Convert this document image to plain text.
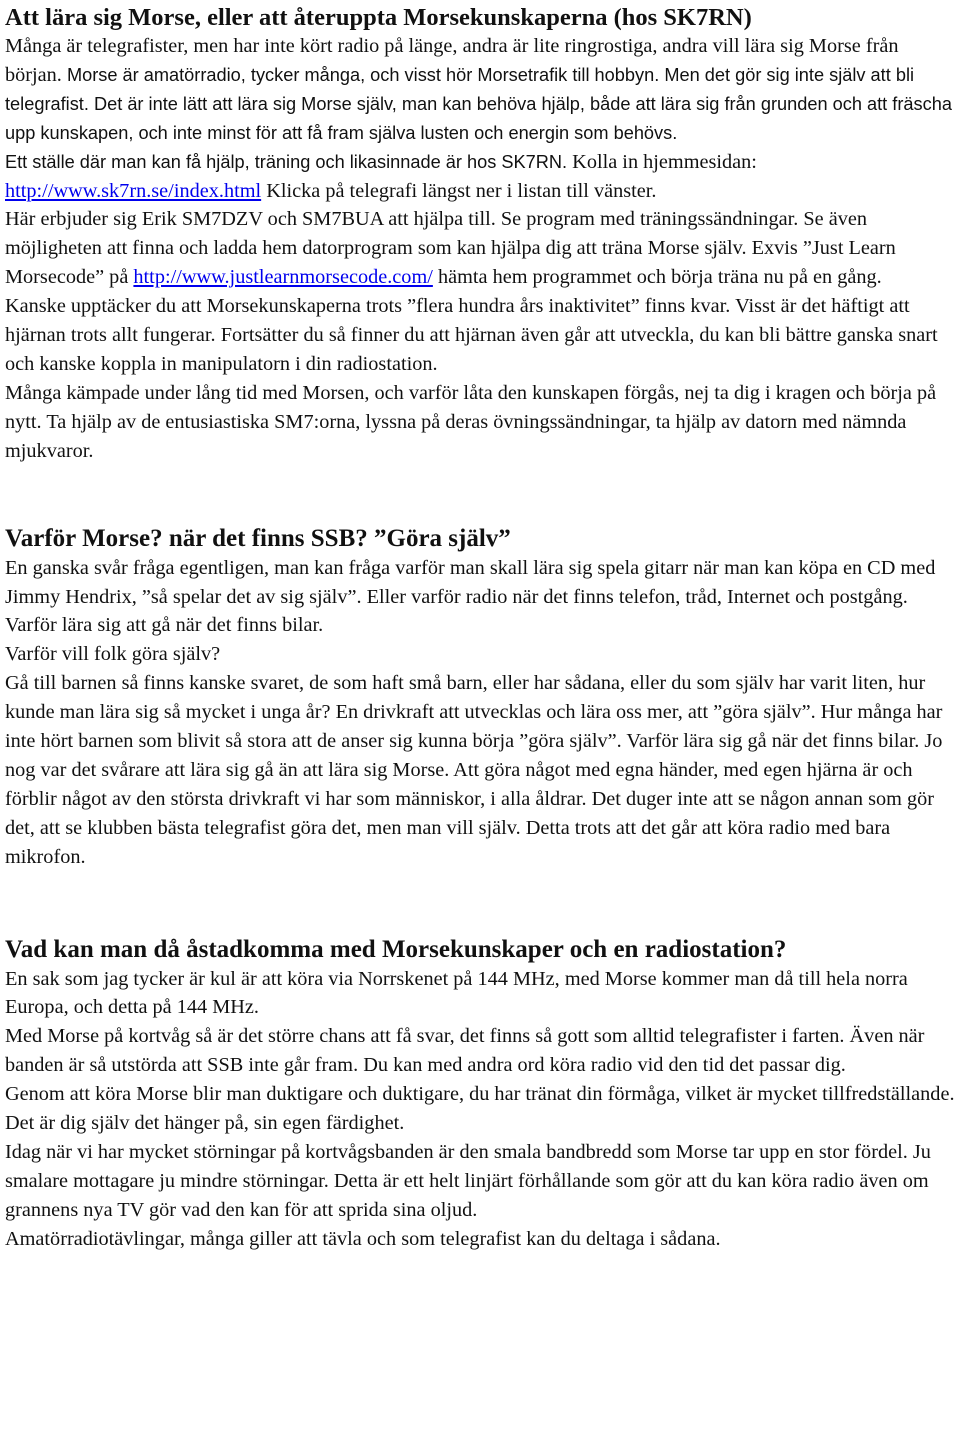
Att lära sig Morse, eller att återuppta Morsekunskaperna (hos SK7RN)

Många är telegrafister, men har inte kört radio på länge, andra är lite ringrostiga, andra vill lära sig Morse från början. Morse är amatörradio, tycker många, och visst hör Morsetrafik till hobbyn. Men det gör sig inte själv att bli telegrafist. Det är inte lätt att lära sig Morse själv, man kan behöva hjälp, både att lära sig från grunden och att fräscha upp kunskapen, och inte minst för att få fram själva lusten och energin som behövs.

Ett ställe där man kan få hjälp, träning och likasinnade är hos SK7RN. Kolla in hjemmesidan: http://www.sk7rn.se/index.html Klicka på telegrafi längst ner i listan till vänster.

Här erbjuder sig Erik SM7DZV och SM7BUA att hjälpa till. Se program med träningssändningar. Se även möjligheten att finna och ladda hem datorprogram som kan hjälpa dig att träna Morse själv. Exvis ”Just Learn Morsecode” på http://www.justlearnmorsecode.com/ hämta hem programmet och börja träna nu på en gång.

Kanske upptäcker du att Morsekunskaperna trots ”flera hundra års inaktivitet” finns kvar. Visst är det häftigt att hjärnan trots allt fungerar. Fortsätter du så finner du att hjärnan även går att utveckla, du kan bli bättre ganska snart och kanske koppla in manipulatorn i din radiostation.

Många kämpade under lång tid med Morsen, och varför låta den kunskapen förgås, nej ta dig i kragen och börja på nytt. Ta hjälp av de entusiastiska SM7:orna, lyssna på deras övningssändningar, ta hjälp av datorn med nämnda mjukvaror.

Varför Morse? när det finns SSB? ”Göra själv”

En ganska svår fråga egentligen, man kan fråga varför man skall lära sig spela gitarr när man kan köpa en CD med Jimmy Hendrix, ”så spelar det av sig själv”. Eller varför radio när det finns telefon, tråd, Internet och postgång. Varför lära sig att gå när det finns bilar.

Varför vill folk göra själv?

Gå till barnen så finns kanske svaret, de som haft små barn, eller har sådana, eller du som själv har varit liten, hur kunde man lära sig så mycket i unga år? En drivkraft att utvecklas och lära oss mer, att ”göra själv”. Hur många har inte hört barnen som blivit så stora att de anser sig kunna börja ”göra själv”. Varför lära sig gå när det finns bilar. Jo nog var det svårare att lära sig gå än att lära sig Morse. Att göra något med egna händer, med egen hjärna är och förblir något av den största drivkraft vi har som människor, i alla åldrar. Det duger inte att se någon annan som gör det, att se klubben bästa telegrafist göra det, men man vill själv. Detta trots att det går att köra radio med bara mikrofon.

Vad kan man då åstadkomma med Morsekunskaper och en radiostation?

En sak som jag tycker är kul är att köra via Norrskenet på 144 MHz, med Morse kommer man då till hela norra Europa, och detta på 144 MHz.

Med Morse på kortvåg så är det större chans att få svar, det finns så gott som alltid telegrafister i farten. Även när banden är så utstörda att SSB inte går fram. Du kan med andra ord köra radio vid den tid det passar dig.

Genom att köra Morse blir man duktigare och duktigare, du har tränat din förmåga, vilket är mycket tillfredställande. Det är dig själv det hänger på, sin egen färdighet.

Idag när vi har mycket störningar på kortvågsbanden är den smala bandbredd som Morse tar upp en stor fördel. Ju smalare mottagare ju mindre störningar. Detta är ett helt linjärt förhållande som gör att du kan köra radio även om grannens nya TV gör vad den kan för att sprida sina oljud.

Amatörradiotävlingar, många giller att tävla och som telegrafist kan du deltaga i sådana.
